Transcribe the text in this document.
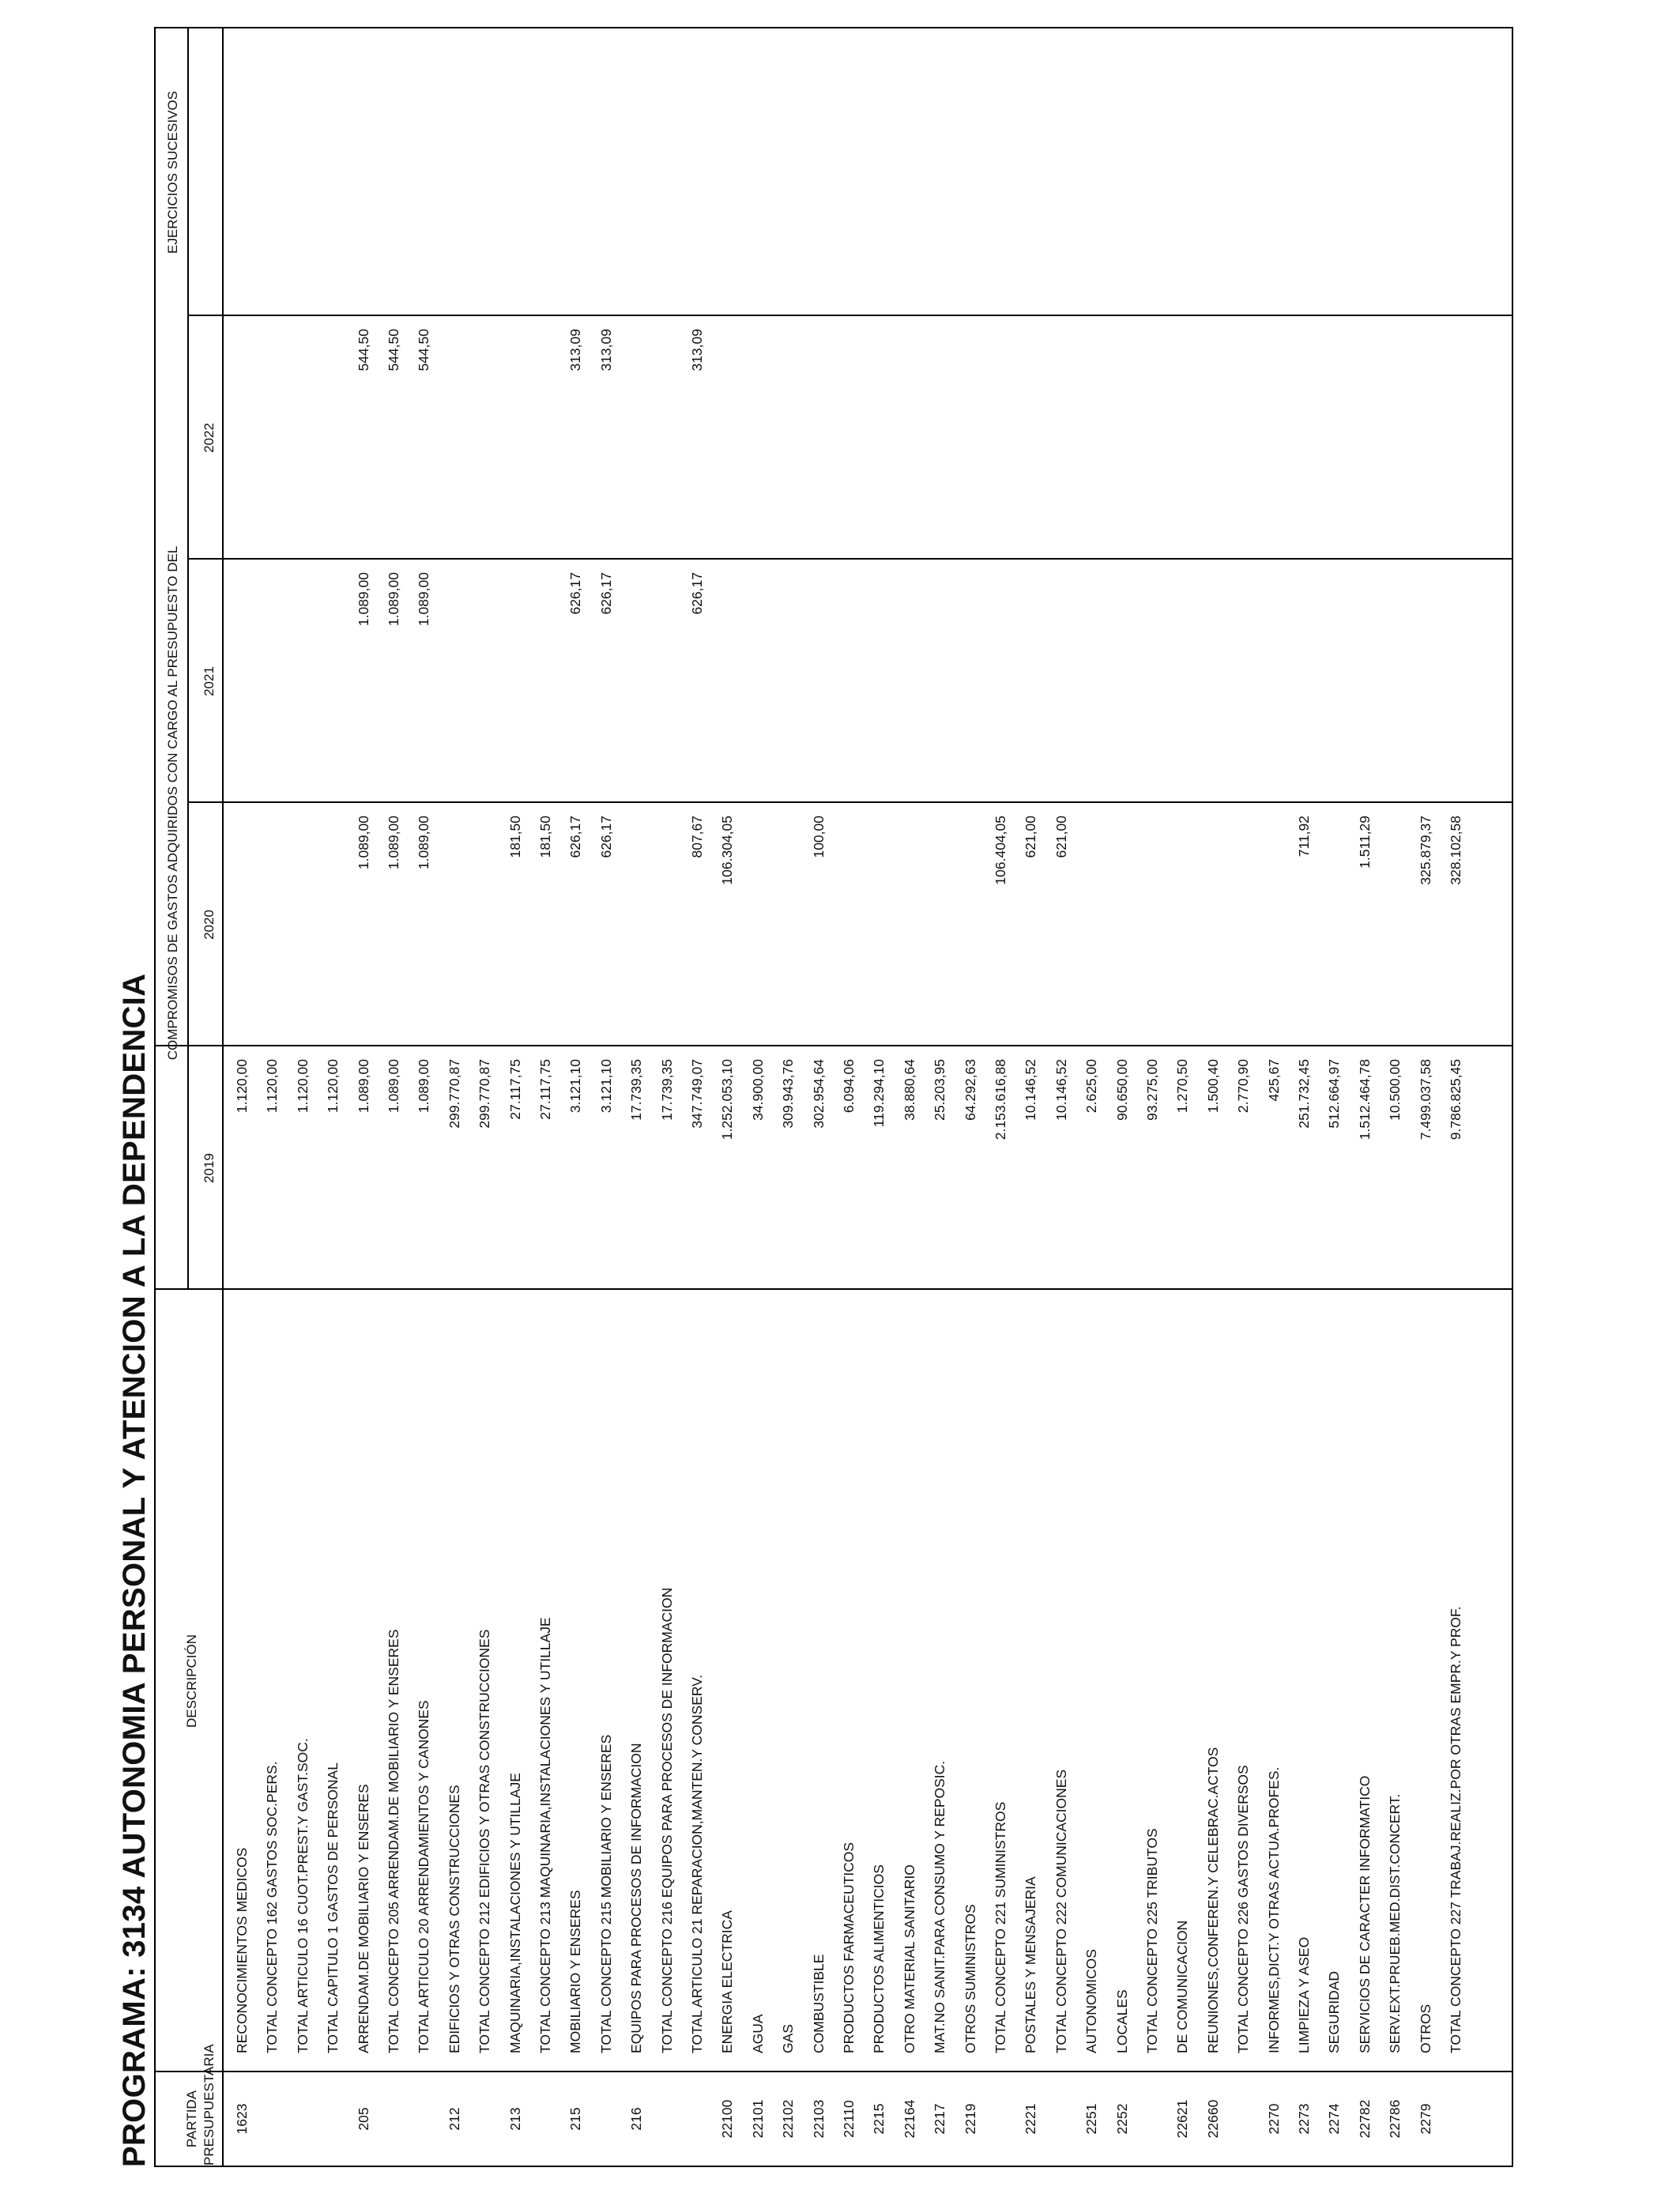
PROGRAMA: 3134 AUTONOMIA PERSONAL Y ATENCION A LA DEPENDENCIA PARTIDA PRESUPUESTARIA
DESCRIPCIÓN
COMPROMISOS DE GASTOS ADQUIRIDOS CON CARGO AL PRESUPUESTO DEL
2019
2020
2021
2022
EJERCICIOS SUCESIVOS
1623
RECONOCIMIENTOS MEDICOS
1.120,00
TOTAL CONCEPTO 162 GASTOS SOC.PERS.
1.120,00
TOTAL ARTICULO 16 CUOT.PREST.Y GAST.SOC.
1.120,00
TOTAL CAPITULO 1 GASTOS DE PERSONAL
1.120,00
205
ARRENDAM.DE MOBILIARIO Y ENSERES
1.089,00
1.089,00
1.089,00
544,50
TOTAL CONCEPTO 205 ARRENDAM.DE MOBILIARIO Y ENSERES
1.089,00
1.089,00
1.089,00
544,50
TOTAL ARTICULO 20 ARRENDAMIENTOS Y CANONES
1.089,00
1.089,00
1.089,00
544,50
212
EDIFICIOS Y OTRAS CONSTRUCCIONES
299.770,87
TOTAL CONCEPTO 212 EDIFICIOS Y OTRAS CONSTRUCCIONES
299.770,87
213
MAQUINARIA,INSTALACIONES Y UTILLAJE
27.117,75
181,50
TOTAL CONCEPTO 213 MAQUINARIA,INSTALACIONES Y UTILLAJE
27.117,75
181,50
215
MOBILIARIO Y ENSERES
3.121,10
626,17
626,17
313,09
TOTAL CONCEPTO 215 MOBILIARIO Y ENSERES
3.121,10
626,17
626,17
313,09
216
EQUIPOS PARA PROCESOS DE INFORMACION
17.739,35
TOTAL CONCEPTO 216 EQUIPOS PARA PROCESOS DE INFORMACION
17.739,35
TOTAL ARTICULO 21 REPARACION,MANTEN.Y CONSERV.
347.749,07
807,67
626,17
313,09
22100
ENERGIA ELECTRICA
1.252.053,10
106.304,05
22101
AGUA
34.900,00
22102
GAS
309.943,76
22103
COMBUSTIBLE
302.954,64
100,00
22110
PRODUCTOS FARMACEUTICOS
6.094,06
2215
PRODUCTOS ALIMENTICIOS
119.294,10
22164
OTRO MATERIAL SANITARIO
38.880,64
2217
MAT.NO SANIT.PARA CONSUMO Y REPOSIC.
25.203,95
2219
OTROS SUMINISTROS
64.292,63
TOTAL CONCEPTO 221 SUMINISTROS
2.153.616,88
106.404,05
2221
POSTALES Y MENSAJERIA
10.146,52
621,00
TOTAL CONCEPTO 222 COMUNICACIONES
10.146,52
621,00
2251
AUTONOMICOS
2.625,00
2252
LOCALES
90.650,00
TOTAL CONCEPTO 225 TRIBUTOS
93.275,00
22621
DE COMUNICACION
1.270,50
22660
REUNIONES,CONFEREN.Y CELEBRAC.ACTOS
1.500,40
TOTAL CONCEPTO 226 GASTOS DIVERSOS
2.770,90
2270
INFORMES,DICT.Y OTRAS ACTUA.PROFES.
425,67
2273
LIMPIEZA Y ASEO
251.732,45
711,92
2274
SEGURIDAD
512.664,97
22782
SERVICIOS DE CARACTER INFORMATICO
1.512.464,78
1.511,29
22786
SERV.EXT.PRUEB.MED.DIST.CONCERT.
10.500,00
2279
OTROS
7.499.037,58
325.879,37
TOTAL CONCEPTO 227 TRABAJ.REALIZ.POR OTRAS EMPR.Y PROF.
9.786.825,45
328.102,58
